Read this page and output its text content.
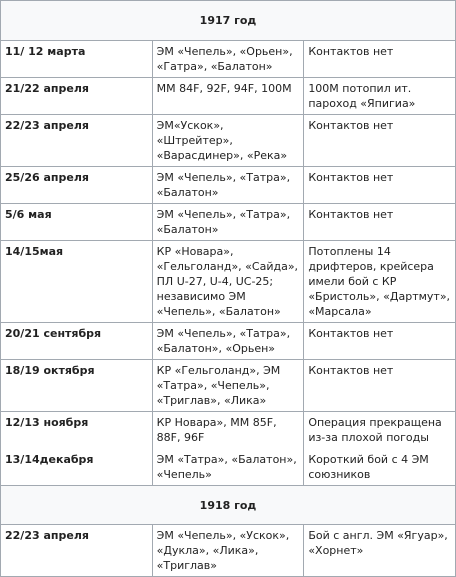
1917 год		
11/ 12 марта	ЭМ «Чепель», «Орьен», «Гатра», «Балатон»	Контактов нет
21/22 апреля	ММ 84F, 92F, 94F, 100M	100M потопил ит. пароход «Япигиа»
22/23 апреля	ЭМ«Ускок», «Штрейтер», «Варасдинер», «Река»	Контактов нет
25/26 апреля	ЭМ «Чепель», «Татра», «Балатон»	Контактов нет
5/6 мая	ЭМ «Чепель», «Татра», «Балатон»	Контактов нет
14/15мая	КР «Новара», «Гельголанд», «Сайда», ПЛ U-27, U-4, UC-25; независимо ЭМ «Чепель», «Балатон»	Потоплены 14 дрифтеров, крейсера имели бой с КР «Бристоль», «Дартмут», «Марсала»
20/21 сентября	ЭМ «Чепель», «Татра», «Балатон», «Орьен»	Контактов нет
18/19 октября	КР «Гельголанд», ЭМ «Татра», «Чепель», «Триглав», «Лика»	Контактов нет
12/13 ноября	КР Новара», ММ 85F, 88F, 96F	Операция прекращена из-за плохой погоды
13/14декабря	ЭМ «Татра», «Балатон», «Чепель»	Короткий бой с 4 ЭМ союзников
1918 год		
22/23 апреля	ЭМ «Чепель», «Ускок», «Дукла», «Лика», «Триглав»	Бой с англ. ЭМ «Ягуар», «Хорнет»
